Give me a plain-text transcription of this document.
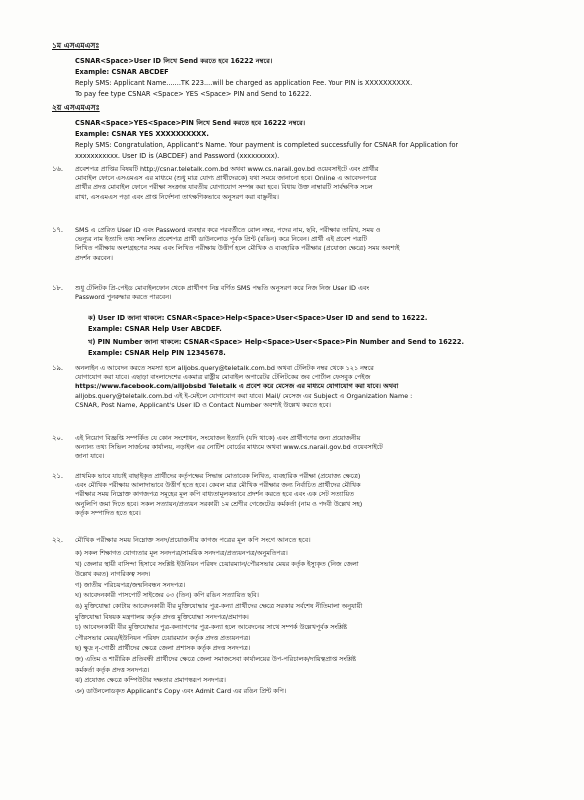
১ম এসএমএসঃ
CSNAR<Space>User ID লিখে Send করতে হবে 16222 নম্বরে।
Example: CSNAR ABCDEF
Reply SMS: Applicant Name.......TK 223....will be charged as application Fee. Your PIN is XXXXXXXXXX.
To pay fee type CSNAR <Space> YES <Space> PIN and Send to 16222.
২য় এসএমএসঃ
CSNAR<Space>YES<Space>PIN লিখে Send করতে হবে 16222 নম্বরে।
Example: CSNAR YES XXXXXXXXXX.
Reply SMS: Congratulation, Applicant's Name. Your payment is completed successfully for CSNAR for Application for
xxxxxxxxxxx. User ID is (ABCDEF) and Password (xxxxxxxxx).
১৬. প্রবেশপত্র প্রাপ্তির বিষয়টি http://csnar.teletalk.com.bd অথবা www.cs.narail.gov.bd ওয়েবসাইটে এবং প্রার্থীর
মোবাইল ফোনে এসএমএস এর মাধ্যমে (শুধু মাত্র যোগ্য প্রার্থীদেরকে) যথা সময়ে জানানো হবে। Online এ আবেদনপত্রে
প্রার্থীর প্রদত্ত মোবাইল ফোনে পরীক্ষা সংক্রান্ত যাবতীয় যোগাযোগ সম্পন্ন করা হবে। বিধায় উক্ত নাম্বারটি সার্বক্ষণিক সচল
রাখা, এসএমএস পড়া এবং প্রাপ্ত নির্দেশনা তাৎক্ষণিকভাবে অনুসরণ করা বাঞ্ছনীয়।
১৭. SMS এ প্রেরিত User ID এবং Password ব্যবহার করে পরবর্তীতে রোল নম্বর, পদের নাম, ছবি, পরীক্ষার তারিখ, সময় ও
ভেন্যুর নাম ইত্যাদি তথ্য সম্বলিত প্রবেশপত্র প্রার্থী ডাউনলোড পূর্বক প্রিন্ট (রঙিন) করে নিবেন। প্রার্থী এই প্রবেশ পত্রটি
লিখিত পরীক্ষায় অংশগ্রহণের সময় এবং লিখিত পরীক্ষায় উত্তীর্ণ হলে মৌখিক ও ব্যবহারিক পরীক্ষার (প্রযোজ্য ক্ষেত্রে) সময় অবশ্যই
প্রদর্শন করবেন।
১৮. শুধু টেলিটক প্রি-পেইড মোবাইলফোন থেকে প্রার্থীগণ নিম্ন বর্ণিত SMS পদ্ধতি অনুসরণ করে নিজ নিজ User ID এবং
Password পুনরুদ্ধার করতে পারবেন।
ক) User ID জানা থাকলে: CSNAR<Space>Help<Space>User<Space>User ID and send to 16222.
Example: CSNAR Help User ABCDEF.
খ) PIN Number জানা থাকলে: CSNAR<Space> Help<Space>User<Space>Pin Number and Send to 16222.
Example: CSNAR Help PIN 12345678.
১৯. অনলাইন এ আবেদন করতে সমস্যা হলে alljobs.query@teletalk.com.bd অথবা টেলিটক নম্বর থেকে ১২১ নম্বরে
যোগাযোগ করা যাবে। এছাড়া বাংলাদেশের একমাত্র রাষ্ট্রীয় মোবাইল অপারেটর টেলিটকের জব পোর্টাল ফেসবুক পেইজ
https://www.facebook.com/alljobsbd Teletalk এ প্রবেশ করে মেসেজ এর মাধ্যমে যোগাযোগ করা যাবে। অথবা
alljobs.query@teletalk.com.bd এই ই-মেইলে যোগাযোগ করা যাবে। Mail/ মেসেজ এর Subject এ Organization Name :
CSNAR, Post Name, Applicant's User ID ও Contact Number অবশ্যই উল্লেখ করতে হবে।
২০. এই নিয়োগ বিজ্ঞপ্তি সম্পর্কিত যে কোন সংশোধন, সংযোজন ইত্যাদি (যদি থাকে) এবং প্রার্থীগণের জন্য প্রয়োজনীয়
অন্যান্য তথ্য সিভিল সার্জনের কার্যালয়, নড়াইল এর নোটিশ বোর্ডের মাধ্যমে অথবা www.cs.narail.gov.bd ওয়েবসাইটে
জানা যাবে।
২১. প্রাথমিক ভাবে যাচাই বাছাইকৃত প্রার্থীদের কর্তৃপক্ষের সিদ্ধান্ত মোতাবেক লিখিত, ব্যবহারিক পরীক্ষা (প্রযোজ্য ক্ষেত্রে)
এবং মৌখিক পরীক্ষায় আলাদাভাবে উত্তীর্ণ হতে হবে। কেবল মাত্র মৌখিক পরীক্ষার জন্য নির্বাচিত প্রার্থীদের মৌখিক
পরীক্ষার সময় নিম্নোক্ত কাগজপত্র সমূহের মূল কপি বাধ্যতামূলকভাবে প্রদর্শন করতে হবে এবং এক সেট সত্যায়িত
অনুলিপি জমা দিতে হবে। সকল সত্যায়ন/প্রত্যয়ন সরকারী ১ম শ্রেণীর গেজেটেড কর্মকর্তা (নাম ও পদবী উল্লেখ সহ)
কর্তৃক সম্পাদিত হতে হবে।
২২. মৌখিক পরীক্ষার সময় নিম্নোক্ত সনদ/প্রয়োজনীয় কাগজ পত্রের মূল কপি সংগে আনতে হবে।
ক) সকল শিক্ষাগত যোগ্যতার মূল সনদপত্র/সাময়িক সনদপত্র/প্রত্যয়নপত্র/অনুমতিপত্র।
খ) জেলার স্থায়ী বাসিন্দা হিসাবে সংশ্লিষ্ট ইউনিয়ন পরিষদ চেয়ারম্যান/পৌরসভার মেয়র কর্তৃক ইস্যুকৃত (নিজ জেলা
উল্লেখ করত) নাগরিকত্ব সনদ।
গ) জাতীয় পরিচয়পত্র/জন্মনিবন্ধন সনদপত্র।
ঘ) আবেদনকারী পাসপোর্ট সাইজের ০৩ (তিন) কপি রঙিন সত্যায়িত ছবি।
ঙ) মুক্তিযোদ্ধা কোটায় আবেদনকারী বীর মুক্তিযোদ্ধার পুত্র-কন্যা প্রার্থীদের ক্ষেত্রে সরকার সর্বশেষ নীতিমালা অনুযায়ী
মুক্তিযোদ্ধা বিষয়ক মন্ত্রণালয় কর্তৃক প্রদত্ত মুক্তিযোদ্ধা সনদপত্র/প্রমাণক।
চ) আবেদনকারী বীর মুক্তিযোদ্ধার পুত্র-কন্যাগণের পুত্র-কন্যা হলে আবেদনের সাথে সম্পর্ক উল্লেখপূর্বক সংশ্লিষ্ট
পৌরসভার মেয়র/ইউনিয়ন পরিষদ চেয়ারম্যান কর্তৃক প্রদত্ত প্রত্যয়নপত্র।
ছ) ক্ষুদ্র নৃ-গোষ্ঠী প্রার্থীদের ক্ষেত্রে জেলা প্রশাসক কর্তৃক প্রদত্ত সনদপত্র।
জ) এতিম ও শারীরিক প্রতিবন্ধী প্রার্থীদের ক্ষেত্রে জেলা সমাজসেবা কার্যালয়ের উপ-পরিচালক/দায়িত্বপ্রাপ্ত সংশ্লিষ্ট
কর্মকর্তা কর্তৃক প্রদত্ত সনদপত্র।
ঝ) প্রযোজ্য ক্ষেত্রে কম্পিউটার দক্ষতার প্রমাণস্বরূপ সনদপত্র।
ঞ) ডাউনলোডকৃত Applicant's Copy এবং Admit Card এর রঙিন প্রিন্ট কপি।
